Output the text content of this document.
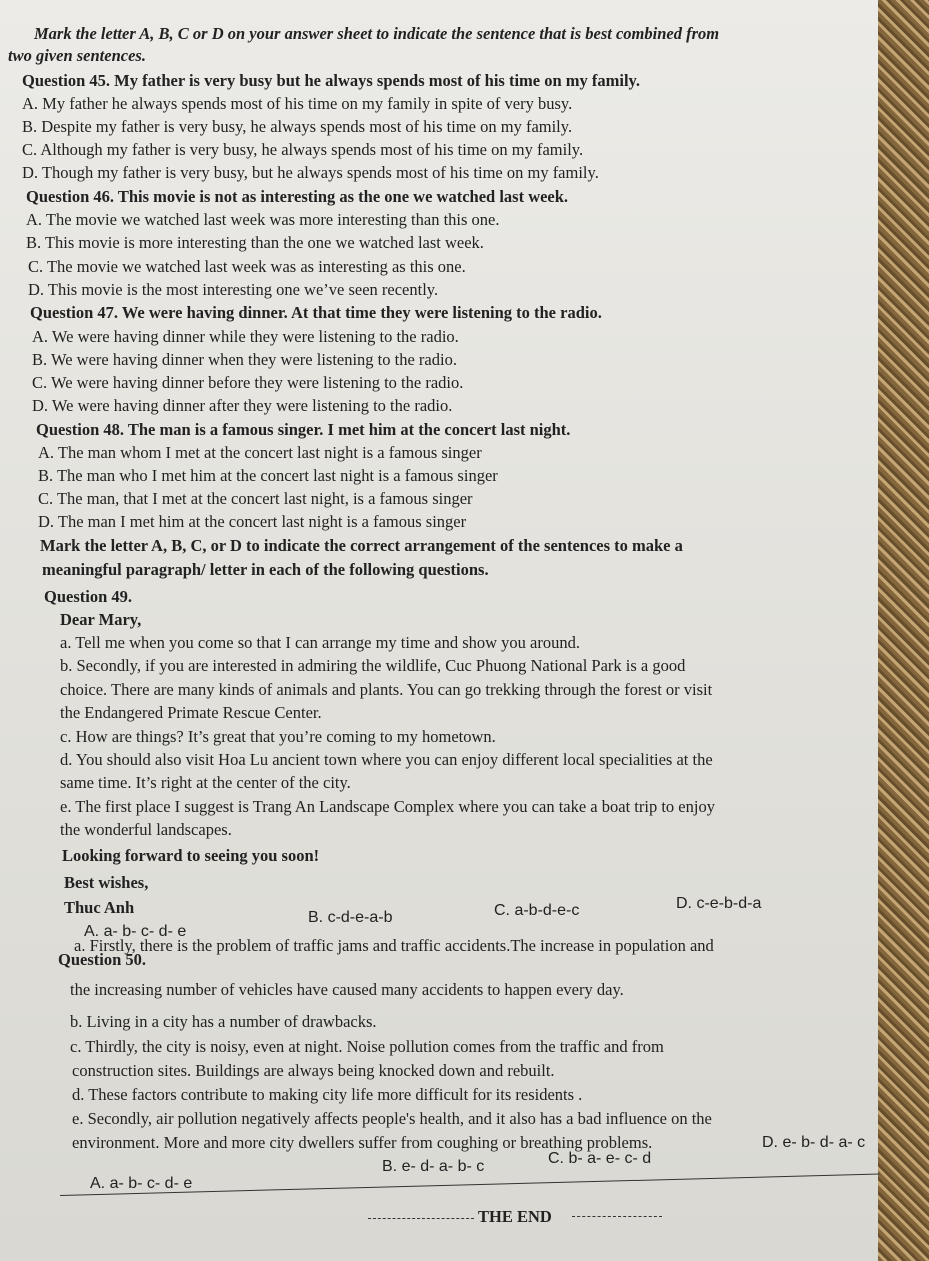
Mark the letter A, B, C or D on your answer sheet to indicate the sentence that is best combined from
two given sentences.
Question 45. My father is very busy but he always spends most of his time on my family.
A. My father he always spends most of his time on my family in spite of very busy.
B. Despite my father is very busy, he always spends most of his time on my family.
C. Although my father is very busy, he always spends most of his time on my family.
D. Though my father is very busy, but he always spends most of his time on my family.
Question 46. This movie is not as interesting as the one we watched last week.
A. The movie we watched last week was more interesting than this one.
B. This movie is more interesting than the one we watched last week.
C. The movie we watched last week was as interesting as this one.
D. This movie is the most interesting one we’ve seen recently.
Question 47. We were having dinner. At that time they were listening to the radio.
A. We were having dinner while they were listening to the radio.
B. We were having dinner when they were listening to the radio.
C. We were having dinner before they were listening to the radio.
D. We were having dinner after they were listening to the radio.
Question 48. The man is a famous singer. I met him at the concert last night.
A. The man whom I met at the concert last night is a famous singer
B. The man who I met him at the concert last night is a famous singer
C. The man, that I met at the concert last night, is a famous singer
D. The man I met him at the concert last night is a famous singer
Mark the letter A, B, C, or D to indicate the correct arrangement of the sentences to make a
meaningful paragraph/ letter in each of the following questions.
Question 49.
Dear Mary,
a. Tell me when you come so that I can arrange my time and show you around.
b. Secondly, if you are interested in admiring the wildlife, Cuc Phuong National Park is a good
choice. There are many kinds of animals and plants. You can go trekking through the forest or visit
the Endangered Primate Rescue Center.
c. How are things? It’s great that you’re coming to my hometown.
d. You should also visit Hoa Lu ancient town where you can enjoy different local specialities at the
same time. It’s right at the center of the city.
e. The first place I suggest is Trang An Landscape Complex where you can take a boat trip to enjoy
the wonderful landscapes.
Looking forward to seeing you soon!
Best wishes,
Thuc Anh
A. a- b- c- d- e
B. c-d-e-a-b	C. a-b-d-e-c	D. c-e-b-d-a
Question 50.
a. Firstly, there is the problem of traffic jams and traffic accidents.The increase in population and
the increasing number of vehicles have caused many accidents to happen every day.
b. Living in a city has a number of drawbacks.
c. Thirdly, the city is noisy, even at night. Noise pollution comes from the traffic and from
construction sites. Buildings are always being knocked down and rebuilt.
d. These factors contribute to making city life more difficult for its residents .
e. Secondly, air pollution negatively affects people's health, and it also has a bad influence on the
environment. More and more city dwellers suffer from coughing or breathing problems.
A. a- b- c- d- e
B. e- d- a- b- c	C. b- a- e- c- d
D. e- b- d- a- c
THE END
